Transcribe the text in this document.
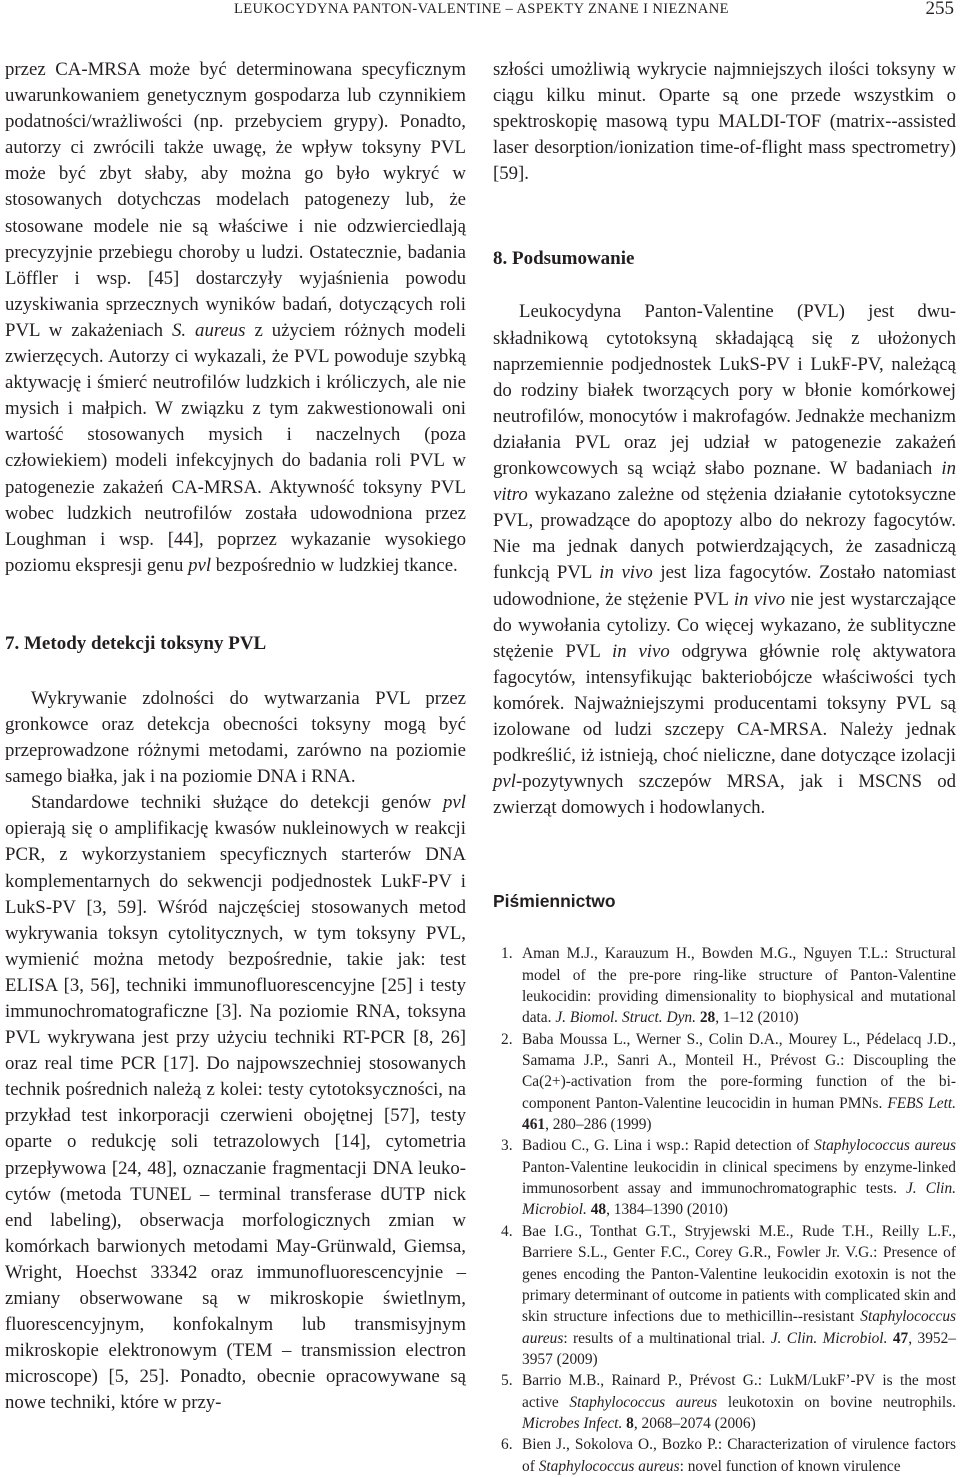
LEUKOCYDYNA PANTON-VALENTINE – ASPEKTY ZNANE I NIEZNANE	255

przez CA-MRSA może być determinowana specyficznym uwarunkowaniem genetycznym gospodarza lub czynnikiem podatności/wrażliwości (np. przebyciem grypy). Ponadto, autorzy ci zwrócili także uwagę, że wpływ toksyny PVL może być zbyt słaby, aby można go było wykryć w stosowanych dotychczas modelach patogenezy lub, że stosowane modele nie są właściwe i nie odzwierciedlają precyzyjnie przebiegu choroby u ludzi. Ostatecznie, badania Löffler i wsp. [45] dostarczyły wyjaśnienia powodu uzyskiwania sprzecznych wyników badań, dotyczących roli PVL w zakażeniach S. aureus z użyciem różnych modeli zwierzęcych. Autorzy ci wykazali, że PVL powoduje szybką aktywację i śmierć neutrofilów ludzkich i króliczych, ale nie mysich i małpich. W związku z tym zakwestionowali oni wartość stosowanych mysich i naczelnych (poza człowiekiem) modeli infekcyjnych do badania roli PVL w patogenezie zakażeń CA-MRSA. Aktywność toksyny PVL wobec ludzkich neutrofilów została udowodniona przez Loughman i wsp. [44], poprzez wykazanie wysokiego poziomu ekspresji genu pvl bezpośrednio w ludzkiej tkance.

7. Metody detekcji toksyny PVL

Wykrywanie zdolności do wytwarzania PVL przez gronkowce oraz detekcja obecności toksyny mogą być przeprowadzone różnymi metodami, zarówno na poziomie samego białka, jak i na poziomie DNA i RNA.

Standardowe techniki służące do detekcji genów pvl opierają się o amplifikację kwasów nukleinowych w reakcji PCR, z wykorzystaniem specyficznych starterów DNA komplementarnych do sekwencji podjednostek LukF-PV i LukS-PV [3, 59]. Wśród najczęściej stosowanych metod wykrywania toksyn cytolitycznych, w tym toksyny PVL, wymienić można metody bezpośrednie, takie jak: test ELISA [3, 56], techniki immunofluorescencyjne [25] i testy immunochromatograficzne [3]. Na poziomie RNA, toksyna PVL wykrywana jest przy użyciu techniki RT-PCR [8, 26] oraz real time PCR [17]. Do najpowszechniej stosowanych technik pośrednich należą z kolei: testy cytotoksyczności, na przykład test inkorporacji czerwieni obojętnej [57], testy oparte o redukcję soli tetrazolowych [14], cytometria przepływowa [24, 48], oznaczanie fragmentacji DNA leukocytów (metoda TUNEL – terminal transferase dUTP nick end labeling), obserwacja morfologicznych zmian w komórkach barwionych metodami May-Grünwald, Giemsa, Wright, Hoechst 33342 oraz immunofluorescencyjnie – zmiany obserwowane są w mikroskopie świetlnym, fluorescencyjnym, konfokalnym lub transmisyjnym mikroskopie elektronowym (TEM – transmission electron microscope) [5, 25]. Ponadto, obecnie opracowywane są nowe techniki, które w przy-

szłości umożliwią wykrycie najmniejszych ilości toksyny w ciągu kilku minut. Oparte są one przede wszystkim o spektroskopię masową typu MALDI-TOF (matrix--assisted laser desorption/ionization time-of-flight mass spectrometry) [59].

8. Podsumowanie

Leukocydyna Panton-Valentine (PVL) jest dwuskładnikową cytotoksyną składającą się z ułożonych naprzemiennie podjednostek LukS-PV i LukF-PV, należącą do rodziny białek tworzących pory w błonie komórkowej neutrofilów, monocytów i makrofagów. Jednakże mechanizm działania PVL oraz jej udział w patogenezie zakażeń gronkowcowych są wciąż słabo poznane. W badaniach in vitro wykazano zależne od stężenia działanie cytotoksyczne PVL, prowadzące do apoptozy albo do nekrozy fagocytów. Nie ma jednak danych potwierdzających, że zasadniczą funkcją PVL in vivo jest liza fagocytów. Zostało natomiast udowodnione, że stężenie PVL in vivo nie jest wystarczające do wywołania cytolizy. Co więcej wykazano, że sublityczne stężenie PVL in vivo odgrywa głównie rolę aktywatora fagocytów, intensyfikując bakteriobójcze właściwości tych komórek. Najważniejszymi producentami toksyny PVL są izolowane od ludzi szczepy CA-MRSA. Należy jednak podkreślić, iż istnieją, choć nieliczne, dane dotyczące izolacji pvl-pozytywnych szczepów MRSA, jak i MSCNS od zwierząt domowych i hodowlanych.

Piśmiennictwo
1. Aman M.J., Karauzum H., Bowden M.G., Nguyen T.L.: Structural model of the pre-pore ring-like structure of Panton-Valentine leukocidin: providing dimensionality to biophysical and mutational data. J. Biomol. Struct. Dyn. 28, 1–12 (2010)
2. Baba Moussa L., Werner S., Colin D.A., Mourey L., Pédelacq J.D., Samama J.P., Sanri A., Monteil H., Prévost G.: Discoupling the Ca(2+)-activation from the pore-forming function of the bi-component Panton-Valentine leucocidin in human PMNs. FEBS Lett. 461, 280–286 (1999)
3. Badiou C., G. Lina i wsp.: Rapid detection of Staphylococcus aureus Panton-Valentine leukocidin in clinical specimens by enzyme-linked immunosorbent assay and immunochromatographic tests. J. Clin. Microbiol. 48, 1384–1390 (2010)
4. Bae I.G., Tonthat G.T., Stryjewski M.E., Rude T.H., Reilly L.F., Barriere S.L., Genter F.C., Corey G.R., Fowler Jr. V.G.: Presence of genes encoding the Panton-Valentine leukocidin exotoxin is not the primary determinant of outcome in patients with complicated skin and skin structure infections due to methicillin--resistant Staphylococcus aureus: results of a multinational trial. J. Clin. Microbiol. 47, 3952–3957 (2009)
5. Barrio M.B., Rainard P., Prévost G.: LukM/LukF’-PV is the most active Staphylococcus aureus leukotoxin on bovine neutrophils. Microbes Infect. 8, 2068–2074 (2006)
6. Bien J., Sokolova O., Bozko P.: Characterization of virulence factors of Staphylococcus aureus: novel function of known virulence
